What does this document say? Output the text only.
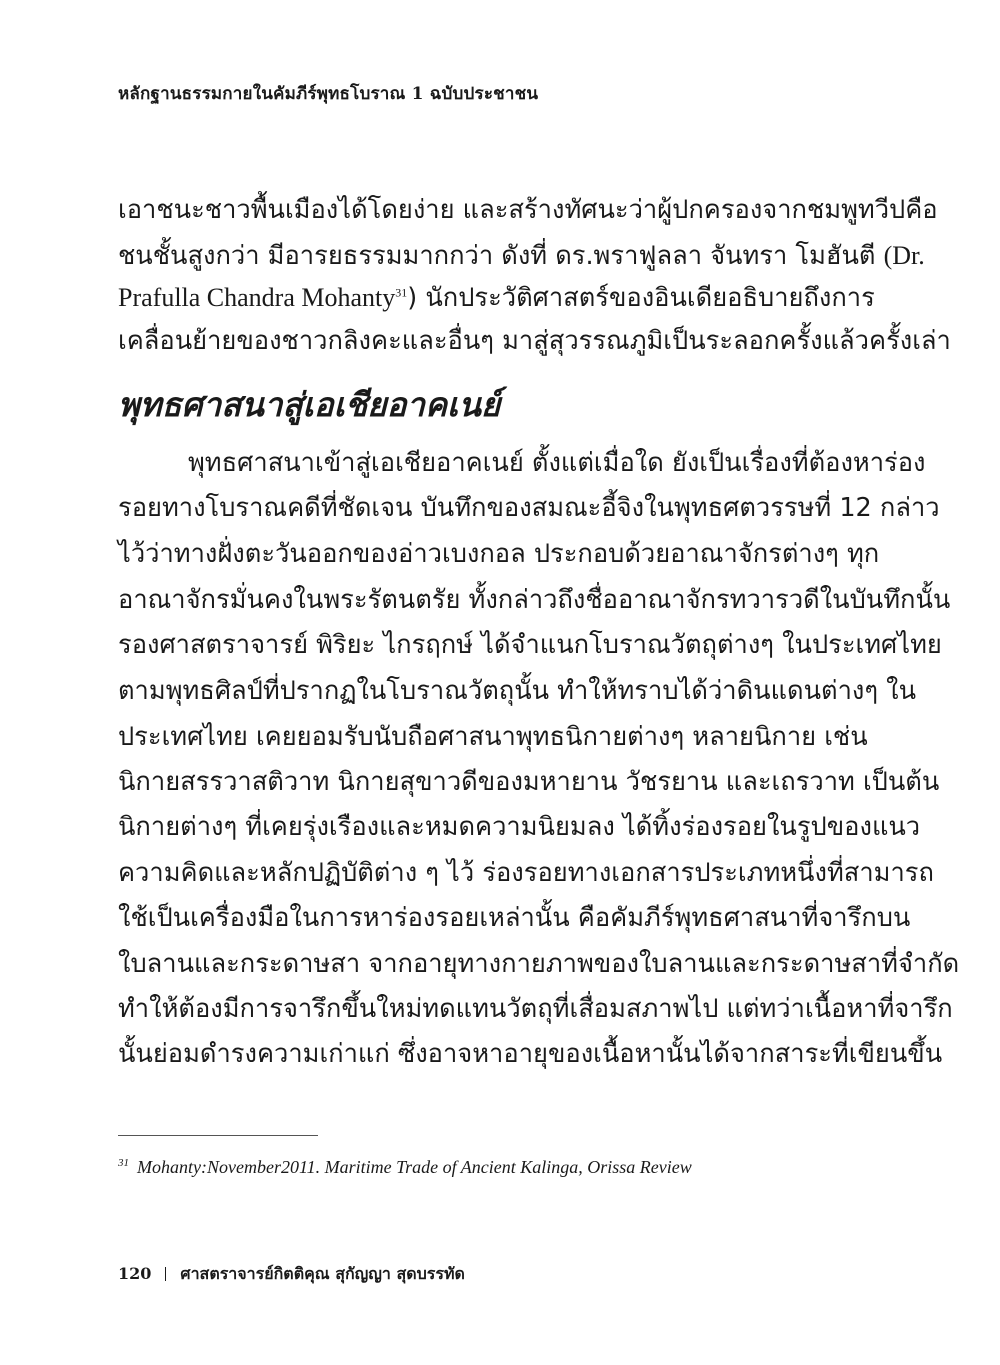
หลักฐานธรรมกายในคัมภีร์พุทธโบราณ 1 ฉบับประชาชน
เอาชนะชาวพื้นเมืองได้โดยง่าย และสร้างทัศนะว่าผู้ปกครองจากชมพูทวีปคือ
ชนชั้นสูงกว่า มีอารยธรรมมากกว่า ดังที่ ดร.พราฟูลลา จันทรา โมฮันตี (Dr.
Prafulla Chandra Mohanty$^{31}$) นักประวัติศาสตร์ของอินเดียอธิบายถึงการ
เคลื่อนย้ายของชาวกลิงคะและอื่นๆ มาสู่สุวรรณภูมิเป็นระลอกครั้งแล้วครั้งเล่า
พุทธศาสนาสู่เอเชียอาคเนย์
พุทธศาสนาเข้าสู่เอเชียอาคเนย์ ตั้งแต่เมื่อใด ยังเป็นเรื่องที่ต้องหาร่อง
รอยทางโบราณคดีที่ชัดเจน บันทึกของสมณะอี้จิงในพุทธศตวรรษที่ 12 กล่าว
ไว้ว่าทางฝั่งตะวันออกของอ่าวเบงกอล ประกอบด้วยอาณาจักรต่างๆ ทุก
อาณาจักรมั่นคงในพระรัตนตรัย ทั้งกล่าวถึงชื่ออาณาจักรทวารวดีในบันทึกนั้น
รองศาสตราจารย์ พิริยะ ไกรฤกษ์ ได้จำแนกโบราณวัตถุต่างๆ ในประเทศไทย
ตามพุทธศิลป์ที่ปรากฏในโบราณวัตถุนั้น ทำให้ทราบได้ว่าดินแดนต่างๆ ใน
ประเทศไทย เคยยอมรับนับถือศาสนาพุทธนิกายต่างๆ หลายนิกาย เช่น
นิกายสรรวาสติวาท นิกายสุขาวดีของมหายาน วัชรยาน และเถรวาท เป็นต้น
นิกายต่างๆ ที่เคยรุ่งเรืองและหมดความนิยมลง ได้ทิ้งร่องรอยในรูปของแนว
ความคิดและหลักปฏิบัติต่าง ๆ ไว้ ร่องรอยทางเอกสารประเภทหนึ่งที่สามารถ
ใช้เป็นเครื่องมือในการหาร่องรอยเหล่านั้น คือคัมภีร์พุทธศาสนาที่จารึกบน
ใบลานและกระดาษสา จากอายุทางกายภาพของใบลานและกระดาษสาที่จำกัด
ทำให้ต้องมีการจารึกขึ้นใหม่ทดแทนวัตถุที่เสื่อมสภาพไป แต่ทว่าเนื้อหาที่จารึก
นั้นย่อมดำรงความเก่าแก่ ซึ่งอาจหาอายุของเนื้อหานั้นได้จากสาระที่เขียนขึ้น
$^{31}$ Mohanty:November2011. Maritime Trade of Ancient Kalinga, Orissa Review
120 ศาสตราจารย์กิตติคุณ สุกัญญา สุดบรรทัด
